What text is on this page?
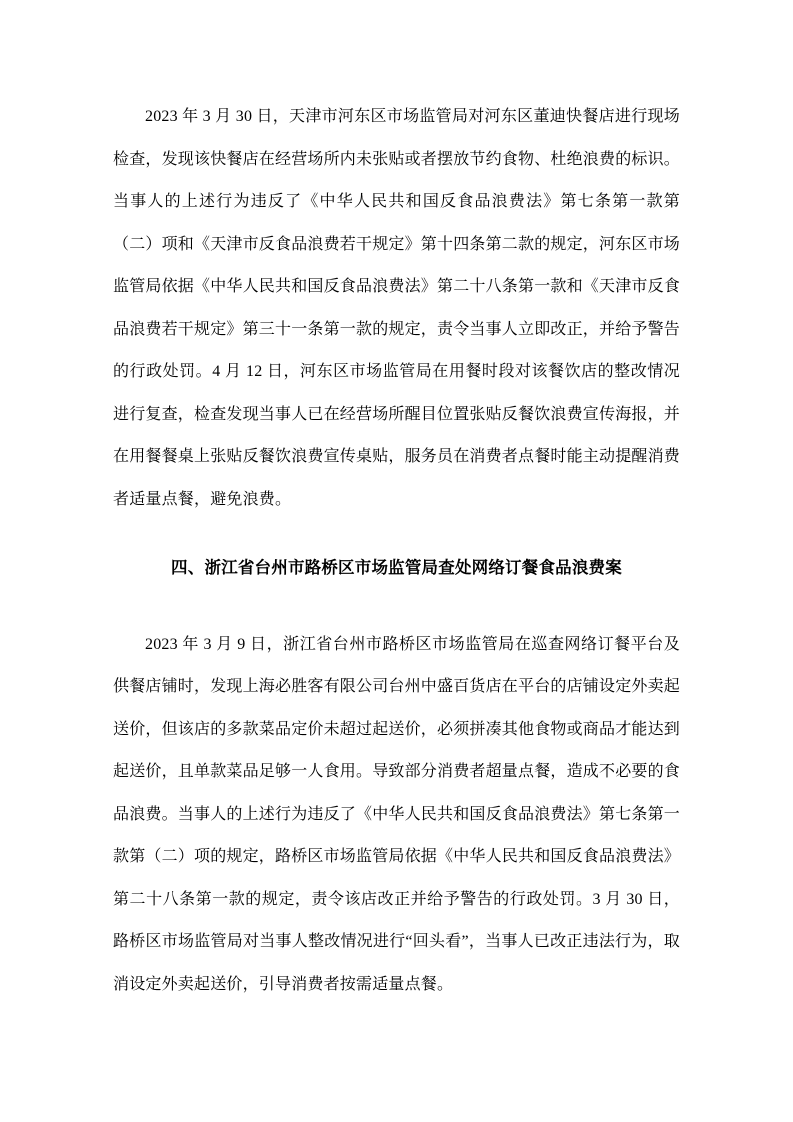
2023 年 3 月 30 日，天津市河东区市场监管局对河东区董迪快餐店进行现场检查，发现该快餐店在经营场所内未张贴或者摆放节约食物、杜绝浪费的标识。当事人的上述行为违反了《中华人民共和国反食品浪费法》第七条第一款第（二）项和《天津市反食品浪费若干规定》第十四条第二款的规定，河东区市场监管局依据《中华人民共和国反食品浪费法》第二十八条第一款和《天津市反食品浪费若干规定》第三十一条第一款的规定，责令当事人立即改正，并给予警告的行政处罚。4 月 12 日，河东区市场监管局在用餐时段对该餐饮店的整改情况进行复查，检查发现当事人已在经营场所醒目位置张贴反餐饮浪费宣传海报，并在用餐餐桌上张贴反餐饮浪费宣传桌贴，服务员在消费者点餐时能主动提醒消费者适量点餐，避免浪费。

四、浙江省台州市路桥区市场监管局查处网络订餐食品浪费案

2023 年 3 月 9 日，浙江省台州市路桥区市场监管局在巡查网络订餐平台及供餐店铺时，发现上海必胜客有限公司台州中盛百货店在平台的店铺设定外卖起送价，但该店的多款菜品定价未超过起送价，必须拼凑其他食物或商品才能达到起送价，且单款菜品足够一人食用。导致部分消费者超量点餐，造成不必要的食品浪费。当事人的上述行为违反了《中华人民共和国反食品浪费法》第七条第一款第（二）项的规定，路桥区市场监管局依据《中华人民共和国反食品浪费法》第二十八条第一款的规定，责令该店改正并给予警告的行政处罚。3 月 30 日，路桥区市场监管局对当事人整改情况进行“回头看”，当事人已改正违法行为，取消设定外卖起送价，引导消费者按需适量点餐。
